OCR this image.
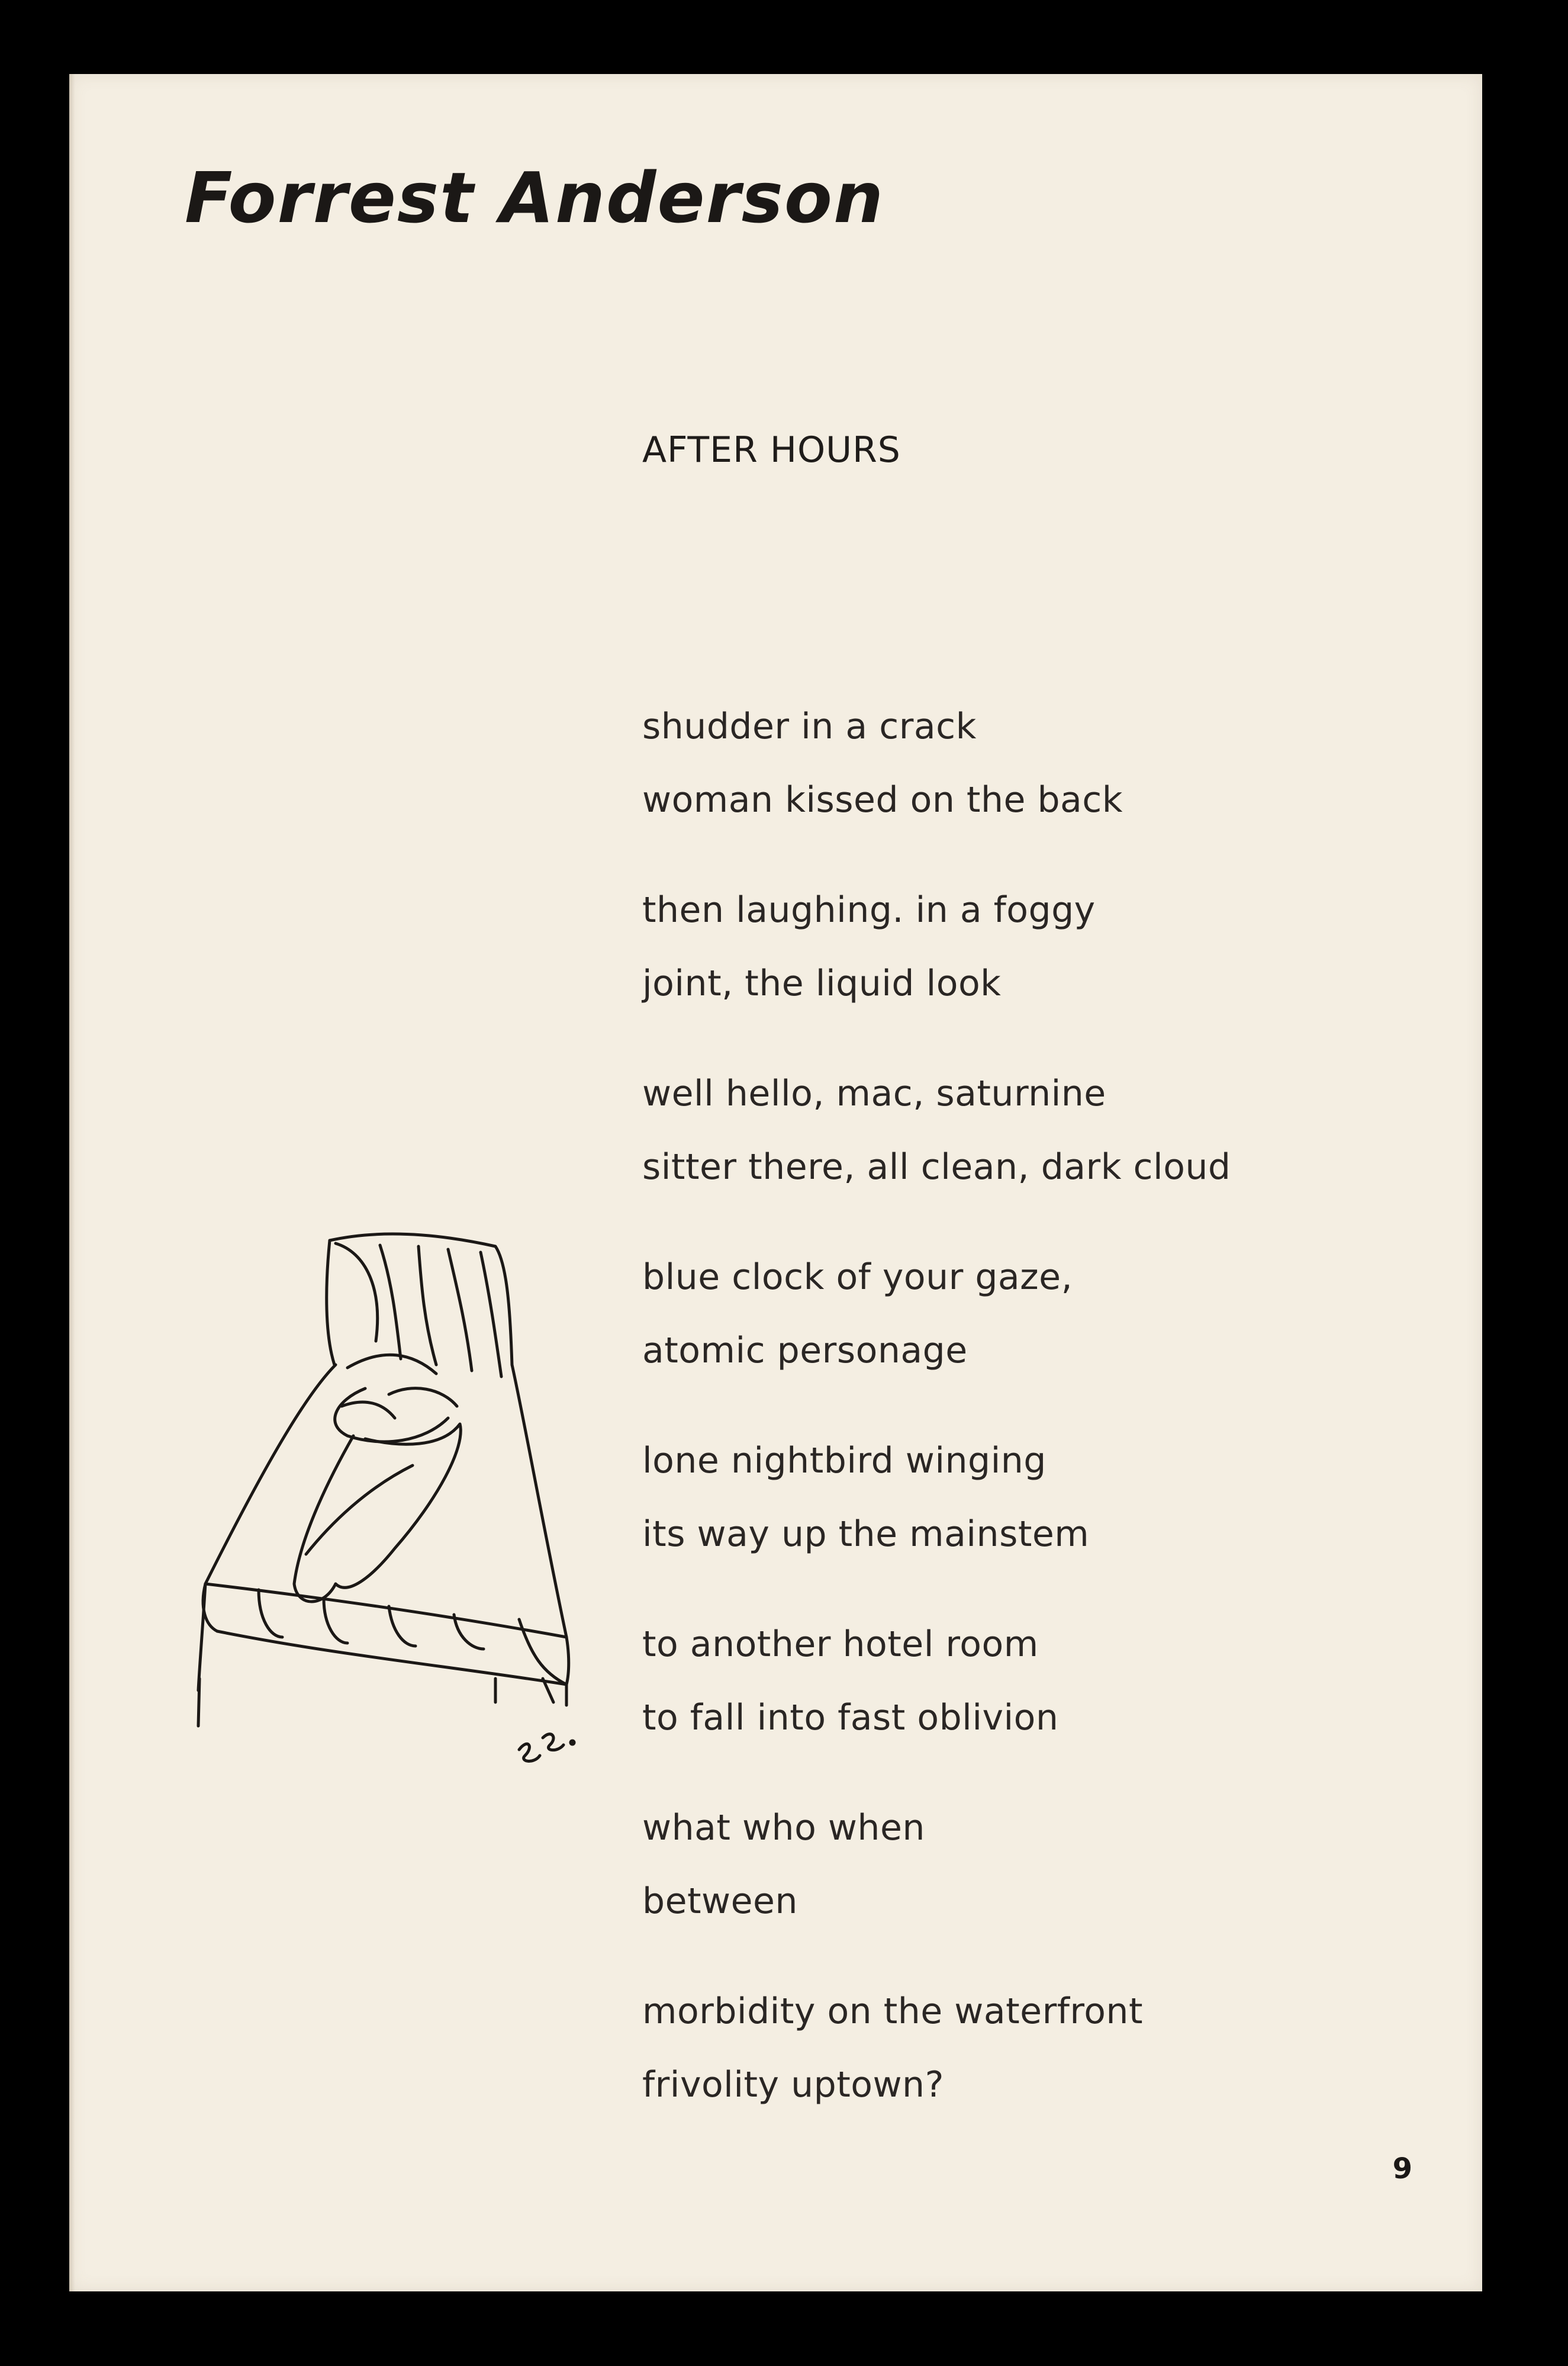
Forrest Anderson
AFTER HOURS
shudder in a crack
woman kissed on the back
then laughing. in a foggy
joint, the liquid look
well hello, mac, saturnine
sitter there, all clean, dark cloud
blue clock of your gaze,
atomic personage
lone nightbird winging
its way up the mainstem
to another hotel room
to fall into fast oblivion
what who when
between
morbidity on the waterfront
frivolity uptown?
9
